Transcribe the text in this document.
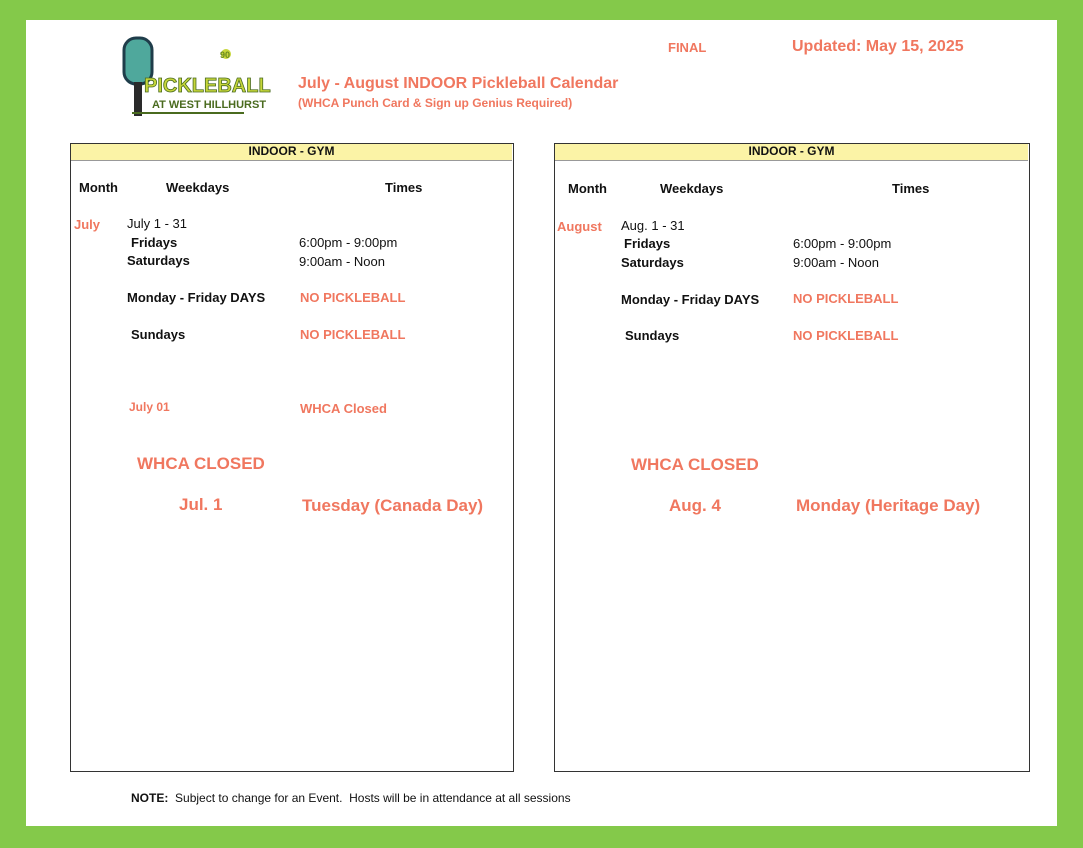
90
PICKLEBALL
AT WEST HILLHURST
FINAL	Updated: May 15, 2025
July - August INDOOR Pickleball Calendar
(WHCA Punch Card & Sign up Genius Required)
INDOOR - GYM
Month	Weekdays	Times
July July 1 - 31
Fridays	6:00pm - 9:00pm
Saturdays	9:00am - Noon
Monday - Friday DAYS	NO PICKLEBALL
Sundays	NO PICKLEBALL
July 01	WHCA Closed
WHCA CLOSED
Jul. 1	Tuesday (Canada Day)
INDOOR - GYM
Month	Weekdays	Times
August Aug. 1 - 31
Fridays	6:00pm - 9:00pm
Saturdays	9:00am - Noon
Monday - Friday DAYS	NO PICKLEBALL
Sundays	NO PICKLEBALL
WHCA CLOSED
Aug. 4	Monday (Heritage Day)
NOTE:  Subject to change for an Event.  Hosts will be in attendance at all sessions
